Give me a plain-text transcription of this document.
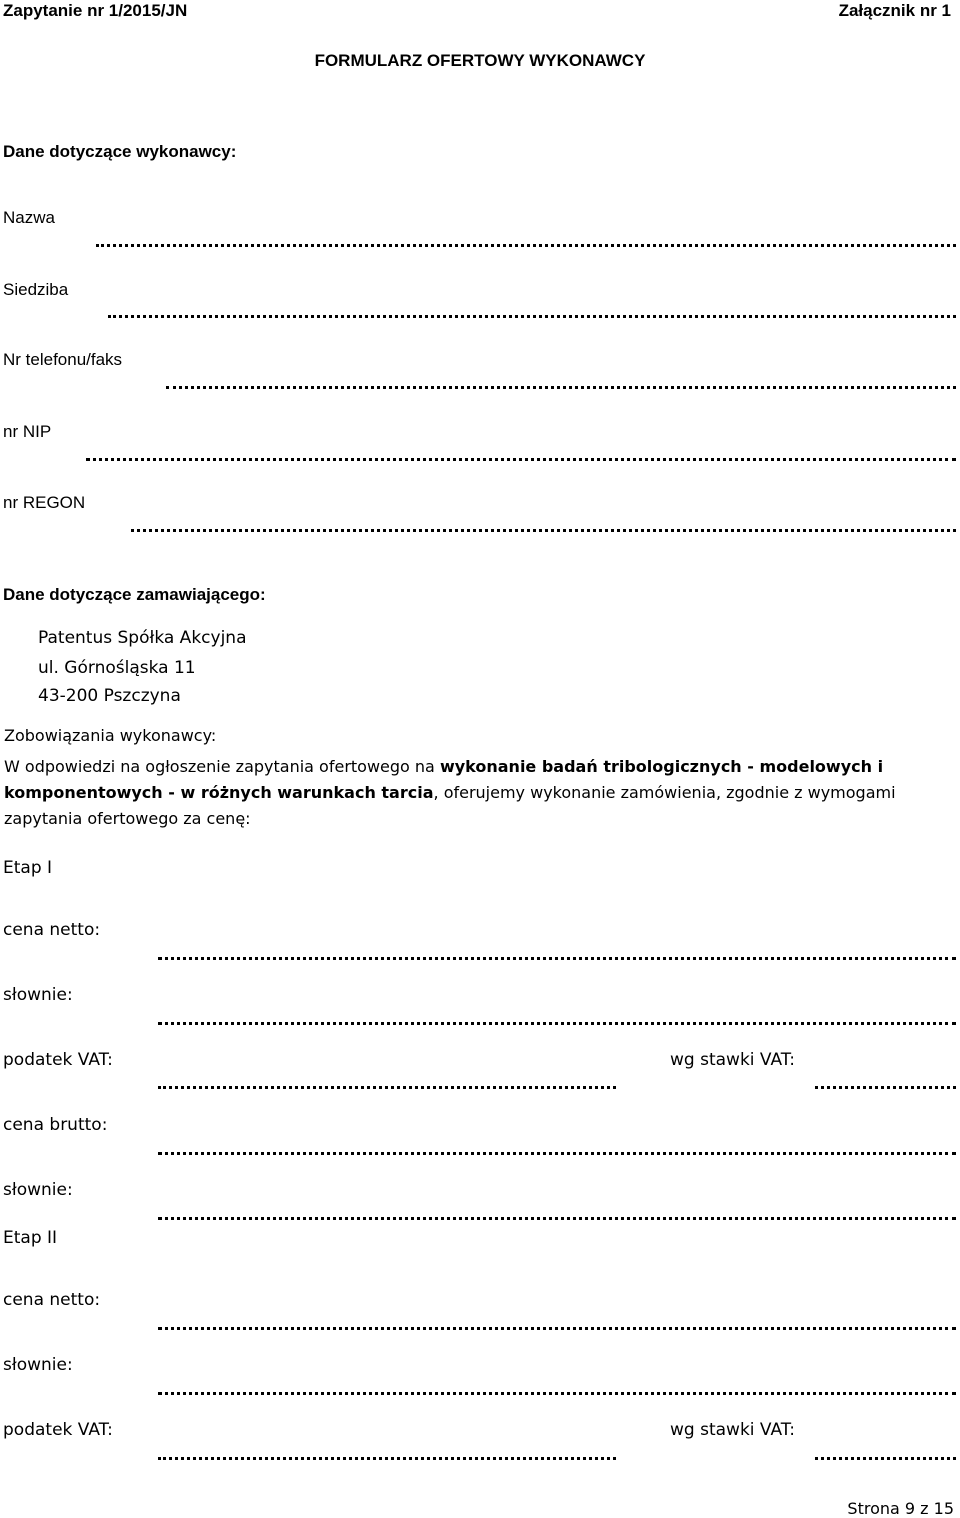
Zapytanie nr 1/2015/JN	Załącznik nr 1
FORMULARZ OFERTOWY WYKONAWCY
Dane dotyczące wykonawcy:
Nazwa
Siedziba
Nr telefonu/faks
nr NIP
nr REGON
Dane dotyczące zamawiającego:
Patentus Spółka Akcyjna
ul. Górnośląska 11
43-200 Pszczyna
Zobowiązania wykonawcy:
W odpowiedzi na ogłoszenie zapytania ofertowego na wykonanie badań tribologicznych - modelowych i komponentowych - w różnych warunkach tarcia, oferujemy wykonanie zamówienia, zgodnie z wymogami zapytania ofertowego za cenę:
Etap I
cena netto:
słownie:
podatek VAT:	wg stawki VAT:
cena brutto:
słownie:
Etap II
cena netto:
słownie:
podatek VAT:	wg stawki VAT:
Strona 9 z 15
